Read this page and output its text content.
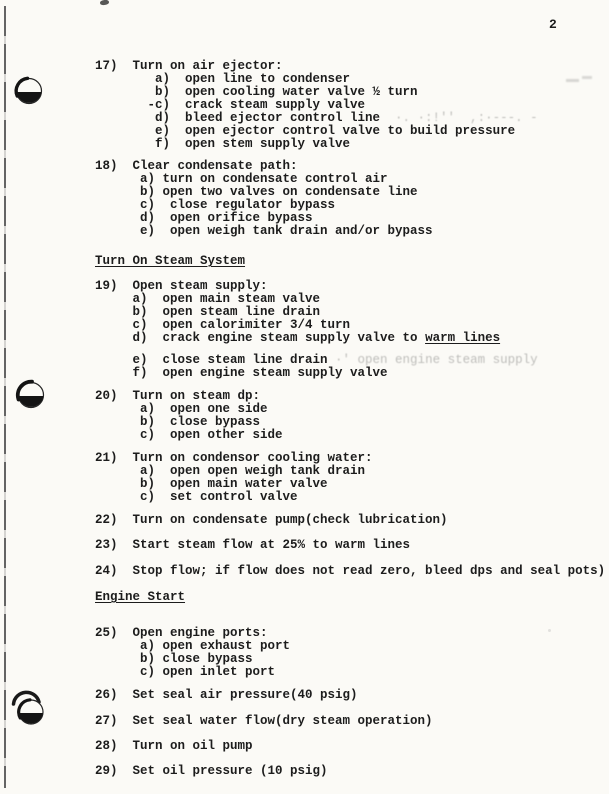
2
17)  Turn on air ejector:
a)  open line to condenser
b)  open cooling water valve ½ turn
-c)  crack steam supply valve
d)  bleed ejector control line  ·. ·:!''  ,:·---. -
e)  open ejector control valve to build pressure
f)  open stem supply valve
18)  Clear condensate path:
a) turn on condensate control air
b) open two valves on condensate line
c)  close regulator bypass
d)  open orifice bypass
e)  open weigh tank drain and/or bypass
Turn On Steam System
19)  Open steam supply:
a)  open main steam valve
b)  open steam line drain
c)  open calorimiter 3/4 turn
d)  crack engine steam supply valve to warm lines
e)  close steam line drain ·' open engine steam supply
f)  open engine steam supply valve
20)  Turn on steam dp:
a)  open one side
b)  close bypass
c)  open other side
21)  Turn on condensor cooling water:
a)  open open weigh tank drain
b)  open main water valve
c)  set control valve
22)  Turn on condensate pump(check lubrication)
23)  Start steam flow at 25% to warm lines
24)  Stop flow; if flow does not read zero, bleed dps and seal pots)
Engine Start
25)  Open engine ports:
a) open exhaust port
b) close bypass
c) open inlet port
26)  Set seal air pressure(40 psig)
27)  Set seal water flow(dry steam operation)
28)  Turn on oil pump
29)  Set oil pressure (10 psig)
